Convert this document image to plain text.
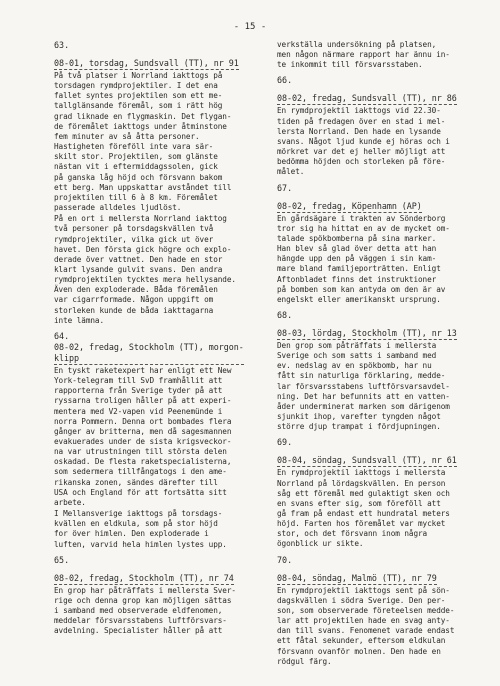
- 15 -
63.
08-01, torsdag, Sundsvall (TT), nr 91

På två platser i Norrland iakttogs på
torsdagen rymdprojektiler. I det ena
fallet syntes projektilen som ett me-
tallglänsande föremål, som i rätt hög
grad liknade en flygmaskin. Det flygan-
de föremålet iakttogs under åtminstone
fem minuter av så åtta personer.
Hastigheten föreföll inte vara sär-
skilt stor. Projektilen, som glänste
nästan vit i eftermiddagssolen, gick
på ganska låg höjd och försvann bakom
ett berg. Man uppskattar avståndet till
projektilen till 6 à 8 km. Föremålet
passerade alldeles ljudlöst.

På en ort i mellersta Norrland iakttog
två personer på torsdagskvällen två
rymdprojektiler, vilka gick ut över
havet. Den första gick högre och explo-
derade över vattnet. Den hade en stor
klart lysande gulvit svans. Den andra
rymdprojektilen tycktes mera hellysande.
Även den exploderade. Båda föremålen
var cigarrformade. Någon uppgift om
storleken kunde de båda iakttagarna
inte lämna.

64.
08-02, fredag, Stockholm (TT), morgon-
klipp

En tyskt raketexpert har enligt ett New
York-telegram till SvD framhållit att
rapporterna från Sverige tyder på att
ryssarna troligen håller på att experi-
mentera med V2-vapen vid Peenemünde i
norra Pommern. Denna ort bombades flera
gånger av britterna, men då sagesmannen
evakuerades under de sista krigsveckor-
na var utrustningen till största delen
oskadad. De flesta raketspecialisterna,
som sedermera tillfångatogs i den ame-
rikanska zonen, sändes därefter till
USA och England för att fortsätta sitt
arbete.

I Mellansverige iakttogs på torsdags-
kvällen en eldkula, som på stor höjd
for över himlen. Den exploderade i
luften, varvid hela himlen lystes upp.

65.
08-02, fredag, Stockholm (TT), nr 74

En grop har påträffats i mellersta Sver-
rige och denna grop kan möjligen sättas
i samband med observerade eldfenomen,
meddelar försvarsstabens luftförsvars-
avdelning. Specialister håller på att

verkställa undersökning på platsen,
men någon närmare rapport har ännu in-
te inkommit till försvarsstaben.

66.
08-02, fredag, Sundsvall (TT), nr 86

En rymdprojektil iakttogs vid 22.30-
tiden på fredagen över en stad i mel-
lersta Norrland. Den hade en lysande
svans. Något ljud kunde ej höras och i
mörkret var det ej heller möjligt att
bedömma höjden och storleken på före-
målet.

67.
08-02, fredag, Köpenhamn (AP)

En gårdsägare i trakten av Sönderborg
tror sig ha hittat en av de mycket om-
talade spökbomberna på sina marker.
Han blev så glad över detta att han
hängde upp den på väggen i sin kam-
mare bland familjeporträtten. Enligt
Aftonbladet finns det instruktioner
på bomben som kan antyda om den är av
engelskt eller amerikanskt ursprung.

68.
08-03, lördag, Stockholm (TT), nr 13

Den grop som påträffats i mellersta
Sverige och som satts i samband med
ev. nedslag av en spökbomb, har nu
fått sin naturliga förklaring, medde-
lar försvarsstabens luftförsvarsavdel-
ning. Det har befunnits att en vatten-
åder underminerat marken som därigenom
sjunkit ihop, varefter tyngden något
större djup trampat i fördjupningen.

69.
08-04, söndag, Sundsvall (TT), nr 61

En rymdprojektil iakttogs i mellersta
Norrland på lördagskvällen. En person
såg ett föremål med gulaktigt sken och
en svans efter sig, som föreföll att
gå fram på endast ett hundratal meters
höjd. Farten hos föremålet var mycket
stor, och det försvann inom några
ögonblick ur sikte.

70.
08-04, söndag, Malmö (TT), nr 79

En rymdprojektil iakttogs sent på sön-
dagskvällen i södra Sverige. Den per-
son, som observerade företeelsen medde-
lar att projektilen hade en svag anty-
dan till svans. Fenomenet varade endast
ett fåtal sekunder, eftersom eldkulan
försvann ovanför molnen. Den hade en
rödgul färg.
